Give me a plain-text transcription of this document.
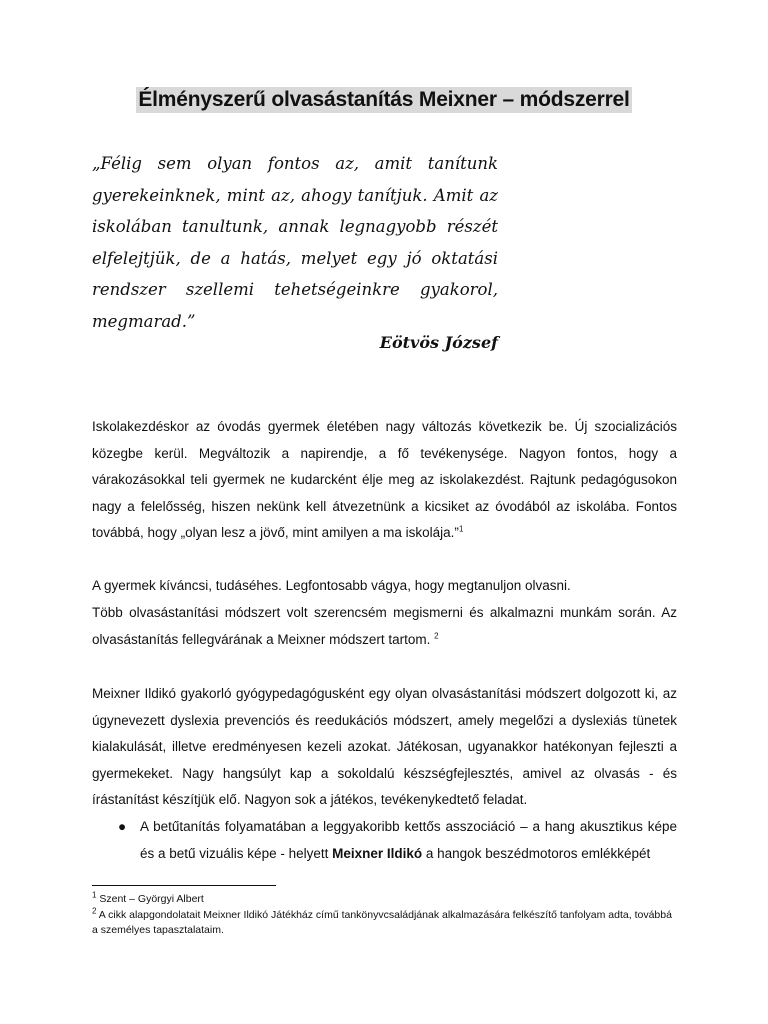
Élményszerű olvasástanítás Meixner – módszerrel
„Félig sem olyan fontos az, amit tanítunk gyerekeinknek, mint az, ahogy tanítjuk. Amit az iskolában tanultunk, annak legnagyobb részét elfelejtjük, de a hatás, melyet egy jó oktatási rendszer szellemi tehetségeinkre gyakorol, megmarad.”
Eötvös József

Iskolakezdéskor az óvodás gyermek életében nagy változás következik be. Új szocializációs közegbe kerül. Megváltozik a napirendje, a fő tevékenysége. Nagyon fontos, hogy a várakozásokkal teli gyermek ne kudarcként élje meg az iskolakezdést. Rajtunk pedagógusokon nagy a felelősség, hiszen nekünk kell átvezetnünk a kicsiket az óvodából az iskolába. Fontos továbbá, hogy „olyan lesz a jövő, mint amilyen a ma iskolája.”$^1$

A gyermek kíváncsi, tudáséhes. Legfontosabb vágya, hogy megtanuljon olvasni.

Több olvasástanítási módszert volt szerencsém megismerni és alkalmazni munkám során. Az olvasástanítás fellegvárának a Meixner módszert tartom. $^2$

Meixner Ildikó gyakorló gyógypedagógusként egy olyan olvasástanítási módszert dolgozott ki, az úgynevezett dyslexia prevenciós és reedukációs módszert, amely megelőzi a dyslexiás tünetek kialakulását, illetve eredményesen kezeli azokat. Játékosan, ugyanakkor hatékonyan fejleszti a gyermekeket. Nagy hangsúlyt kap a sokoldalú készségfejlesztés, amivel az olvasás - és írástanítást készítjük elő. Nagyon sok a játékos, tevékenykedtető feladat.

● A betűtanítás folyamatában a leggyakoribb kettős asszociáció – a hang akusztikus képe és a betű vizuális képe - helyett Meixner Ildikó a hangok beszédmotoros emlékképét

$^1$ Szent – Györgyi Albert

$^2$ A cikk alapgondolatait Meixner Ildikó Játékház című tankönyvcsaládjának alkalmazására felkészítő tanfolyam adta, továbbá a személyes tapasztalataim.
